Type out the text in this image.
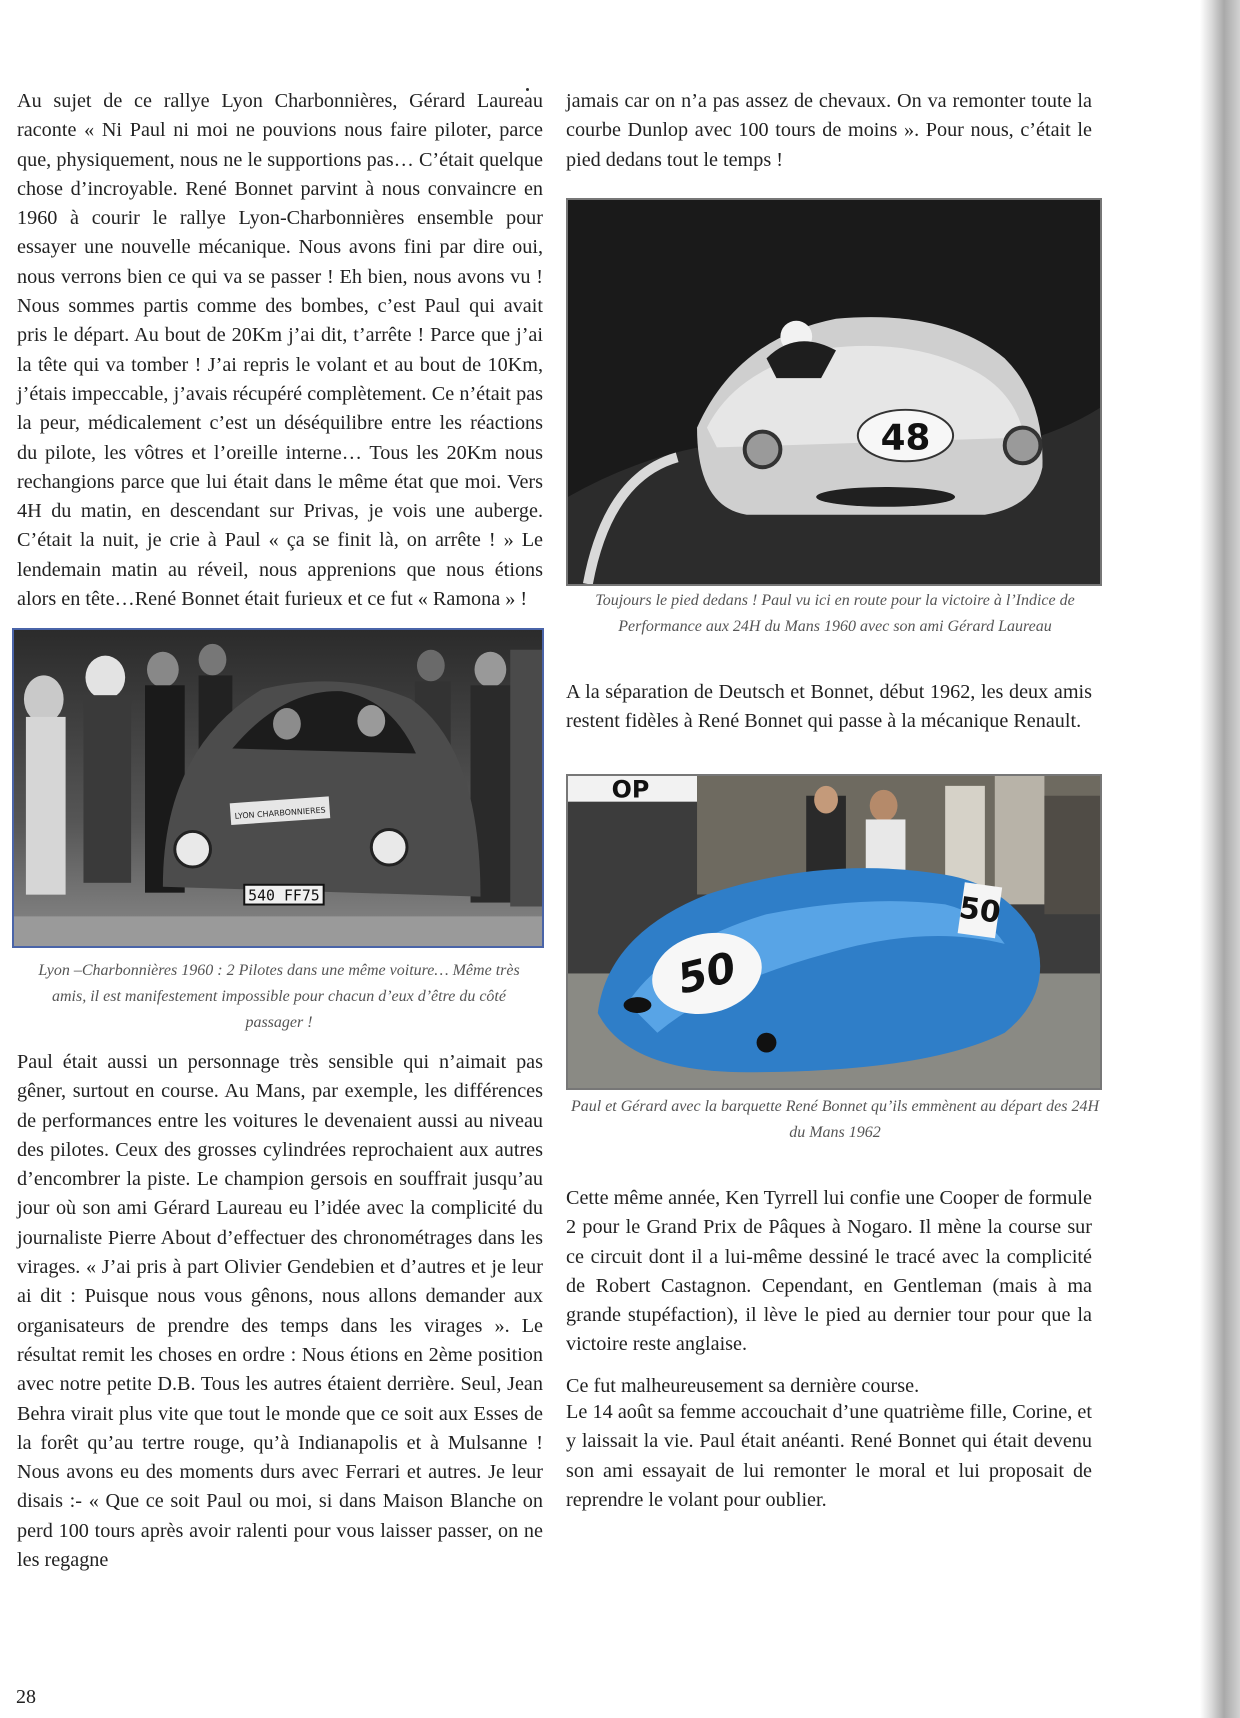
Au sujet de ce rallye Lyon Charbonnières, Gérard Laureau raconte « Ni Paul ni moi ne pouvions nous faire piloter, parce que, physiquement, nous ne le supportions pas… C’était quelque chose d’incroyable. René Bonnet parvint à nous convaincre en 1960 à courir le rallye Lyon-Charbonnières ensemble pour essayer une nouvelle mécanique. Nous avons fini par dire oui, nous verrons bien ce qui va se passer ! Eh bien, nous avons vu ! Nous sommes partis comme des bombes, c’est Paul qui avait pris le départ. Au bout de 20Km j’ai dit, t’arrête ! Parce que j’ai la tête qui va tomber ! J’ai repris le volant et au bout de 10Km, j’étais impeccable, j’avais récupéré complètement. Ce n’était pas la peur, médicalement c’est un déséquilibre entre les réactions du pilote, les vôtres et l’oreille interne… Tous les 20Km nous rechangions parce que lui était dans le même état que moi. Vers 4H du matin, en descendant sur Privas, je vois une auberge. C’était la nuit, je crie à Paul « ça se finit là, on arrête ! » Le lendemain matin au réveil, nous apprenions que nous étions alors en tête…René Bonnet était furieux et ce fut « Ramona » !

LYON CHARBONNIERES
540 FF75

Lyon –Charbonnières 1960 : 2 Pilotes dans une même voiture… Même très amis, il est manifestement impossible pour chacun d’eux d’être du côté passager !

Paul était aussi un personnage très sensible qui n’aimait pas gêner, surtout en course. Au Mans, par exemple, les différences de performances entre les voitures le devenaient aussi au niveau des pilotes. Ceux des grosses cylindrées reprochaient aux autres d’encombrer la piste. Le champion gersois en souffrait jusqu’au jour où son ami Gérard Laureau eu l’idée avec la complicité du journaliste Pierre About d’effectuer des chronométrages dans les virages. « J’ai pris à part Olivier Gendebien et d’autres et je leur ai dit : Puisque nous vous gênons, nous allons demander aux organisateurs de prendre des temps dans les virages ». Le résultat remit les choses en ordre : Nous étions en 2ème position avec notre petite D.B. Tous les autres étaient derrière. Seul, Jean Behra virait plus vite que tout le monde que ce soit aux Esses de la forêt qu’au tertre rouge, qu’à Indianapolis et à Mulsanne ! Nous avons eu des moments durs avec Ferrari et autres. Je leur disais :- « Que ce soit Paul ou moi, si dans Maison Blanche on perd 100 tours après avoir ralenti pour vous laisser passer, on ne les regagne

jamais car on n’a pas assez de chevaux. On va remonter toute la courbe Dunlop avec 100 tours de moins ». Pour nous, c’était le pied dedans tout le temps !

48

Toujours le pied dedans ! Paul vu ici en route pour la victoire à l’Indice de Performance aux 24H du Mans 1960 avec son ami Gérard Laureau

A la séparation de Deutsch et Bonnet, début 1962, les deux amis restent fidèles à René Bonnet qui passe à la mécanique Renault.

OP
50
50

Paul et Gérard avec la barquette René Bonnet qu’ils emmènent au départ des 24H du Mans 1962

Cette même année, Ken Tyrrell lui confie une Cooper de formule 2 pour le Grand Prix de Pâques à Nogaro. Il mène la course sur ce circuit dont il a lui-même dessiné le tracé avec la complicité de Robert Castagnon. Cependant, en Gentleman (mais à ma grande stupéfaction), il lève le pied au dernier tour pour que la victoire reste anglaise.

Ce fut malheureusement sa dernière course.

Le 14 août sa femme accouchait d’une quatrième fille, Corine, et y laissait la vie. Paul était anéanti. René Bonnet qui était devenu son ami essayait de lui remonter le moral et lui proposait de reprendre le volant pour oublier.

28
